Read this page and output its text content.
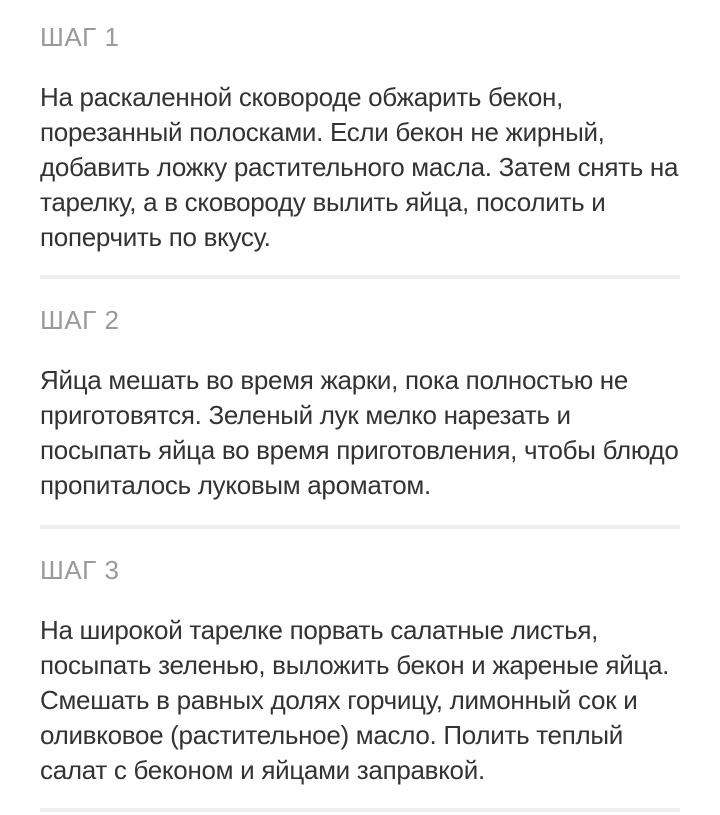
ШАГ 1

На раскаленной сковороде обжарить бекон, порезанный полосками. Если бекон не жирный, добавить ложку растительного масла. Затем снять на тарелку, а в сковороду вылить яйца, посолить и поперчить по вкусу.

ШАГ 2

Яйца мешать во время жарки, пока полностью не приготовятся. Зеленый лук мелко нарезать и посыпать яйца во время приготовления, чтобы блюдо пропиталось луковым ароматом.

ШАГ 3

На широкой тарелке порвать салатные листья, посыпать зеленью, выложить бекон и жареные яйца. Смешать в равных долях горчицу, лимонный сок и оливковое (растительное) масло. Полить теплый салат с беконом и яйцами заправкой.
